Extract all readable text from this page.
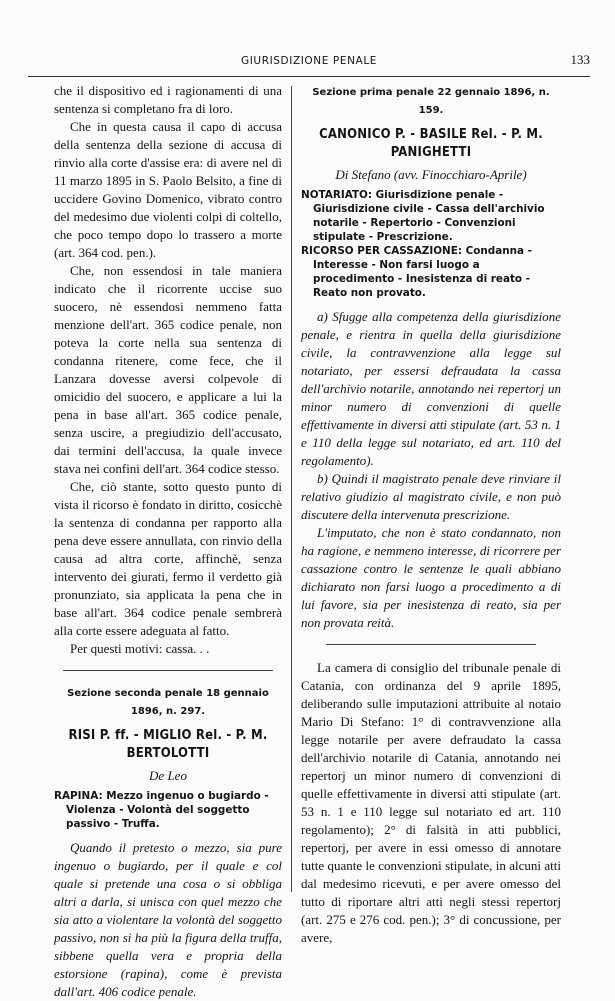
GIURISDIZIONE PENALE	133

che il dispositivo ed i ragionamenti di una sentenza si completano fra di loro.

Che in questa causa il capo di accusa della sentenza della sezione di accusa di rinvio alla corte d'assise era: di avere nel dì 11 marzo 1895 in S. Paolo Belsito, a fine di uccidere Govino Domenico, vibrato contro del medesimo due violenti colpi di coltello, che poco tempo dopo lo trassero a morte (art. 364 cod. pen.).

Che, non essendosi in tale maniera indicato che il ricorrente uccise suo suocero, nè essendosi nemmeno fatta menzione dell'art. 365 codice penale, non poteva la corte nella sua sentenza di condanna ritenere, come fece, che il Lanzara dovesse aversi colpevole di omicidio del suocero, e applicare a lui la pena in base all'art. 365 codice penale, senza uscire, a pregiudizio dell'accusato, dai termini dell'accusa, la quale invece stava nei confini dell'art. 364 codice stesso.

Che, ciò stante, sotto questo punto di vista il ricorso è fondato in diritto, cosicchè la sentenza di condanna per rapporto alla pena deve essere annullata, con rinvio della causa ad altra corte, affinchè, senza intervento dei giurati, fermo il verdetto già pronunziato, sia applicata la pena che in base all'art. 364 codice penale sembrerà alla corte essere adeguata al fatto.

Per questi motivi: cassa. . .

Sezione seconda penale 18 gennaio 1896, n. 297.
RISI P. ff. - MIGLIO Rel. - P. M. BERTOLOTTI
De Leo

RAPINA: Mezzo ingenuo o bugiardo - Violenza - Volontà del soggetto passivo - Truffa.

Quando il pretesto o mezzo, sia pure ingenuo o bugiardo, per il quale e col quale si pretende una cosa o si obbliga altri a darla, si unisca con quel mezzo che sia atto a violentare la volontà del soggetto passivo, non si ha più la figura della truffa, sibbene quella vera e propria della estorsione (rapina), come è prevista dall'art. 406 codice penale.

Sezione prima penale 22 gennaio 1896, n. 159.
CANONICO P. - BASILE Rel. - P. M. PANIGHETTI
Di Stefano (avv. Finocchiaro-Aprile)

NOTARIATO: Giurisdizione penale - Giurisdizione civile - Cassa dell'archivio notarile - Repertorio - Convenzioni stipulate - Prescrizione.

RICORSO PER CASSAZIONE: Condanna - Interesse - Non farsi luogo a procedimento - Inesistenza di reato - Reato non provato.

a) Sfugge alla competenza della giurisdizione penale, e rientra in quella della giurisdizione civile, la contravvenzione alla legge sul notariato, per essersi defraudata la cassa dell'archivio notarile, annotando nei repertorj un minor numero di convenzioni di quelle effettivamente in diversi atti stipulate (art. 53 n. 1 e 110 della legge sul notariato, ed art. 110 del regolamento).

b) Quindi il magistrato penale deve rinviare il relativo giudizio al magistrato civile, e non può discutere della intervenuta prescrizione.

L'imputato, che non è stato condannato, non ha ragione, e nemmeno interesse, di ricorrere per cassazione contro le sentenze le quali abbiano dichiarato non farsi luogo a procedimento a di lui favore, sia per inesistenza di reato, sia per non provata reità.

La camera di consiglio del tribunale penale di Catania, con ordinanza del 9 aprile 1895, deliberando sulle imputazioni attribuite al notaio Mario Di Stefano: 1° di contravvenzione alla legge notarile per avere defraudato la cassa dell'archivio notarile di Catania, annotando nei repertorj un minor numero di convenzioni di quelle effettivamente in diversi atti stipulate (art. 53 n. 1 e 110 legge sul notariato ed art. 110 regolamento); 2° di falsità in atti pubblici, repertorj, per avere in essi omesso di annotare tutte quante le convenzioni stipulate, in alcuni atti dal medesimo ricevuti, e per avere omesso del tutto di riportare altri atti negli stessi repertorj (art. 275 e 276 cod. pen.); 3° di concussione, per avere,
